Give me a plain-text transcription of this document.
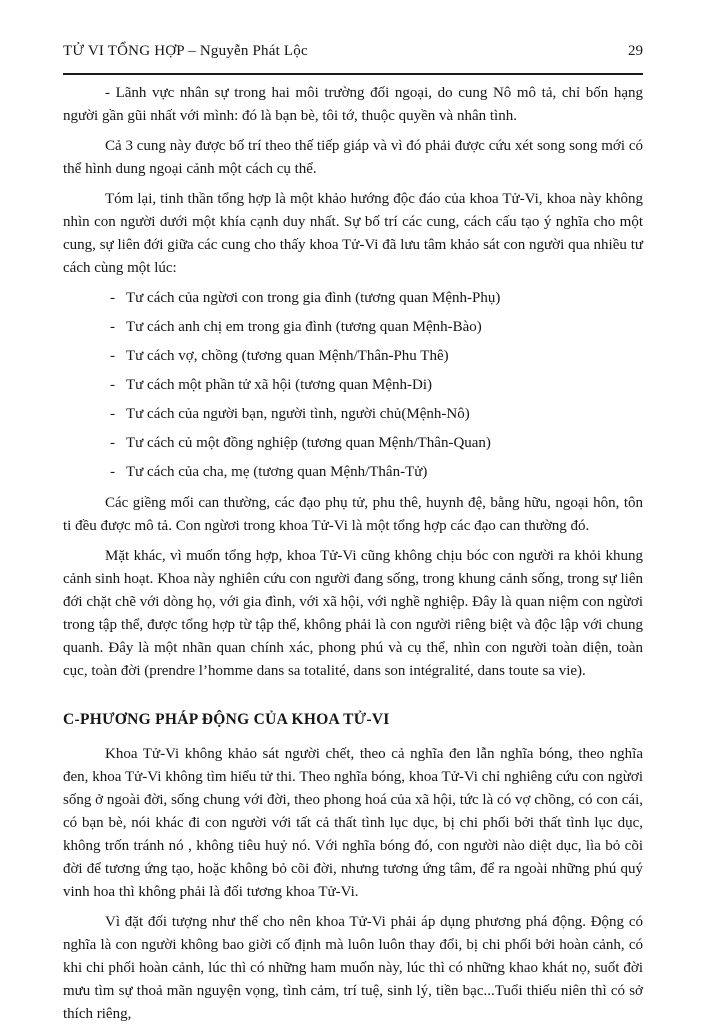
TỬ VI TỔNG HỢP – Nguyễn Phát Lộc	29

- Lãnh vực nhân sự trong hai môi trường đối ngoại, do cung Nô mô tả, chỉ bốn hạng người gần gũi nhất với mình: đó là bạn bè, tôi tớ, thuộc quyền và nhân tình.

Cả 3 cung này được bố trí theo thế tiếp giáp và vì đó phải được cứu xét song song mới có thể hình dung ngoại cảnh một cách cụ thể.

Tóm lại, tinh thần tổng hợp là một khảo hướng độc đáo của khoa Tử-Vi, khoa này không nhìn con người dưới một khía cạnh duy nhất. Sự bố trí các cung, cách cấu tạo ý nghĩa cho một cung, sự liên đới giữa các cung cho thấy khoa Tử-Vi đã lưu tâm khảo sát con người qua nhiều tư cách cùng một lúc:

- Tư cách của ngừơi con trong gia đình (tương quan Mệnh-Phụ)
- Tư cách anh chị em trong gia đình (tương quan Mệnh-Bào)
- Tư cách vợ, chồng (tương quan Mệnh/Thân-Phu Thê)
- Tư cách một phần tử xã hội (tương quan Mệnh-Di)
- Tư cách của người bạn, người tình, người chủ(Mệnh-Nô)
- Tư cách củ một đồng nghiệp (tương quan Mệnh/Thân-Quan)
- Tư cách của cha, mẹ (tương quan Mệnh/Thân-Tử)

Các giềng mối can thường, các đạo phụ tử, phu thê, huynh đệ, bằng hữu, ngoại hôn, tôn ti đều được mô tả. Con ngừơi trong khoa Tử-Vi là một tổng hợp các đạo can thường đó.

Mặt khác, vì muốn tổng hợp, khoa Tử-Vi cũng không chịu bóc con người ra khỏi khung cảnh sinh hoạt. Khoa này nghiên cứu con người đang sống, trong khung cảnh sống, trong sự liên đới chặt chẽ với dòng họ, với gia đình, với xã hội, với nghề nghiệp. Đây là quan niệm con ngừơi trong tập thể, được tổng hợp từ tập thể, không phải là con người riêng biệt và độc lập với chung quanh. Đây là một nhãn quan chính xác, phong phú và cụ thể, nhìn con người toàn diện, toàn cục, toàn đời (prendre l’homme dans sa totalité, dans son intégralité, dans toute sa vie).

C-PHƯƠNG PHÁP ĐỘNG CỦA KHOA TỬ-VI

Khoa Tử-Vi không khảo sát người chết, theo cả nghĩa đen lẫn nghĩa bóng, theo nghĩa đen, khoa Tử-Vi không tìm hiểu tử thi. Theo nghĩa bóng, khoa Tử-Vi chỉ nghiêng cứu con ngừơi sống ở ngoài đời, sống chung với đời, theo phong hoá của xã hội, tức là có vợ chồng, có con cái, có bạn bè, nói khác đi con người với tất cả thất tình lục dục, bị chi phối bởi thất tình lục dục, không trốn tránh nó , không tiêu huỷ nó. Với nghĩa bóng đó, con người nào diệt dục, lìa bỏ cõi đời để tương ứng tạo, hoặc không bỏ cõi đời, nhưng tương ứng tâm, để ra ngoài những phú quý vinh hoa thì không phải là đối tương khoa Tử-Vi.

Vì đặt đối tượng như thế cho nên khoa Tử-Vi phải áp dụng phương phá động. Động có nghĩa là con người không bao giời cố định mà luôn luôn thay đổi, bị chi phối bởi hoàn cảnh, có khi chi phối hoàn cảnh, lúc thì có những ham muốn này, lúc thì có những khao khát nọ, suốt đời mưu tìm sự thoả mãn nguyện vọng, tình cảm, trí tuệ, sinh lý, tiền bạc...Tuổi thiếu niên thì có sở thích riêng,
